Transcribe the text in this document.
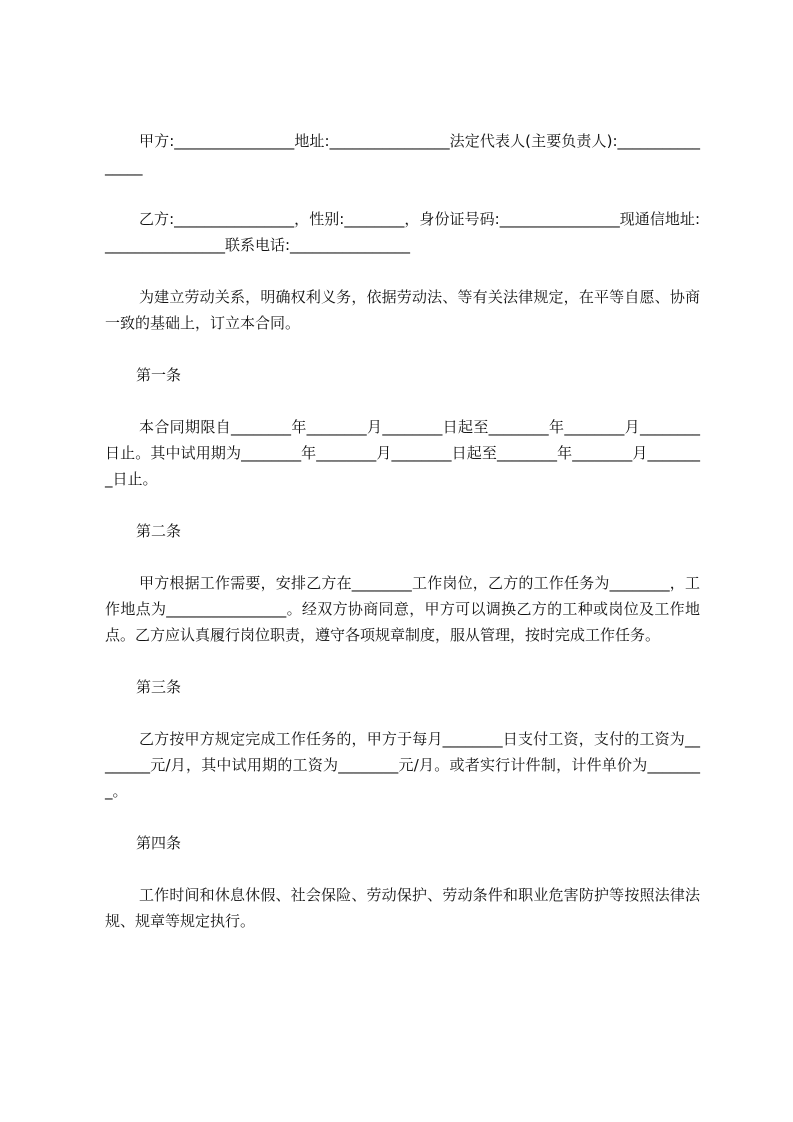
甲方:________________地址:________________法定代表人(主要负责人):________________

乙方:________________，性别:________，身份证号码:________________现通信地址:________________联系电话:________________

为建立劳动关系，明确权利义务，依据劳动法、等有关法律规定，在平等自愿、协商一致的基础上，订立本合同。

第一条

本合同期限自________年________月________日起至________年________月________日止。其中试用期为________年________月________日起至________年________月________日止。

第二条

甲方根据工作需要，安排乙方在________工作岗位，乙方的工作任务为________，工作地点为________________。经双方协商同意，甲方可以调换乙方的工种或岗位及工作地点。乙方应认真履行岗位职责，遵守各项规章制度，服从管理，按时完成工作任务。

第三条

乙方按甲方规定完成工作任务的，甲方于每月________日支付工资，支付的工资为________元/月，其中试用期的工资为________元/月。或者实行计件制，计件单价为________。

第四条

工作时间和休息休假、社会保险、劳动保护、劳动条件和职业危害防护等按照法律法规、规章等规定执行。
